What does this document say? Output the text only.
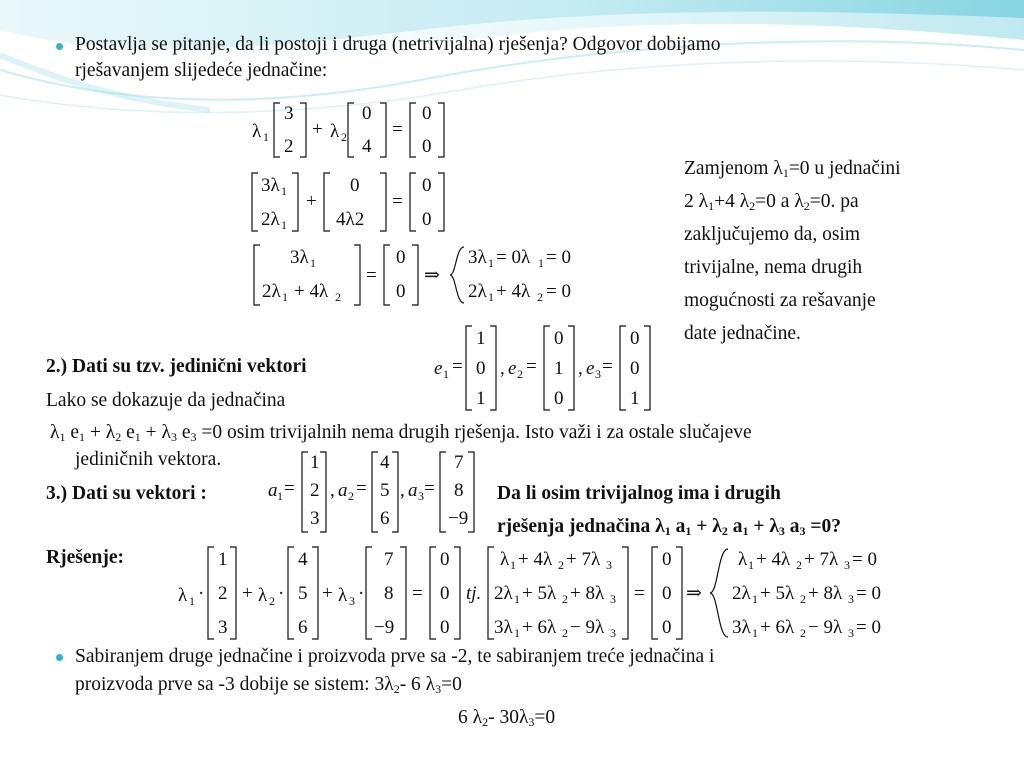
Postavlja se pitanje, da li postoji i druga (netrivijalna) rješenja? Odgovor dobijamo
rješavanjem slijedeće jednačine:
λ 1
3
2
+ λ 2
0
4
=
0
0
3λ 1
2λ 1
+
0
4λ2
=
0
0
3λ 1
2λ 1 + 4λ 2
=
0
0
⇒
3λ 1 = 0λ 1 = 0
2λ 1 + 4λ 2 = 0
Zamjenom $\lambda_1=0$ u jednačini
2 $\lambda_1+4$ $\lambda_2=0$ a $\lambda_2=0$. pa
zaključujemo da, osim
trivijalne, nema drugih
mogućnosti za rešavanje
date jednačine.
2.) Dati su tzv. jedinični vektori	e 1 =
1
0
1
, e 2 =
0
1
0
, e 3 =
0
0
1
Lako se dokazuje da jednačina
$\lambda_1$ $e_1 + \lambda_2$ $e_1 + \lambda_3$ $e_3 =0$ osim trivijalnih nema drugih rješenja. Isto važi i za ostale slučajeve
jediničnih vektora.
3.) Dati su vektori :	a 1 =
1
2
3
, a 2 =
4
5
6
, a 3 =
7
8
−9
Da li osim trivijalnog ima i drugih
rješenja jednačina $\lambda_1$ $a_1 + \lambda_2$ $a_1 + \lambda_3$ $a_3 =0$?
Rješenje:
λ 1 ·
1
2
3
+ λ 2 ·
4
5
6
+ λ 3 ·
7
8
−9
=
0
0
0
tj.
λ 1 + 4λ 2 + 7λ 3
2λ 1 + 5λ 2 + 8λ 3
3λ 1 + 6λ 2 − 9λ 3
=
0
0
0
⇒
λ 1 + 4λ 2 + 7λ 3 = 0
2λ 1 + 5λ 2 + 8λ 3 = 0
3λ 1 + 6λ 2 − 9λ 3 = 0
Sabiranjem druge jednačine i proizvoda prve sa -2, te sabiranjem treće jednačina i
proizvoda prve sa -3 dobije se sistem: $3\lambda_2-$ 6 $\lambda_3=0$
6 $\lambda_2-$ $30\lambda_3=0$
